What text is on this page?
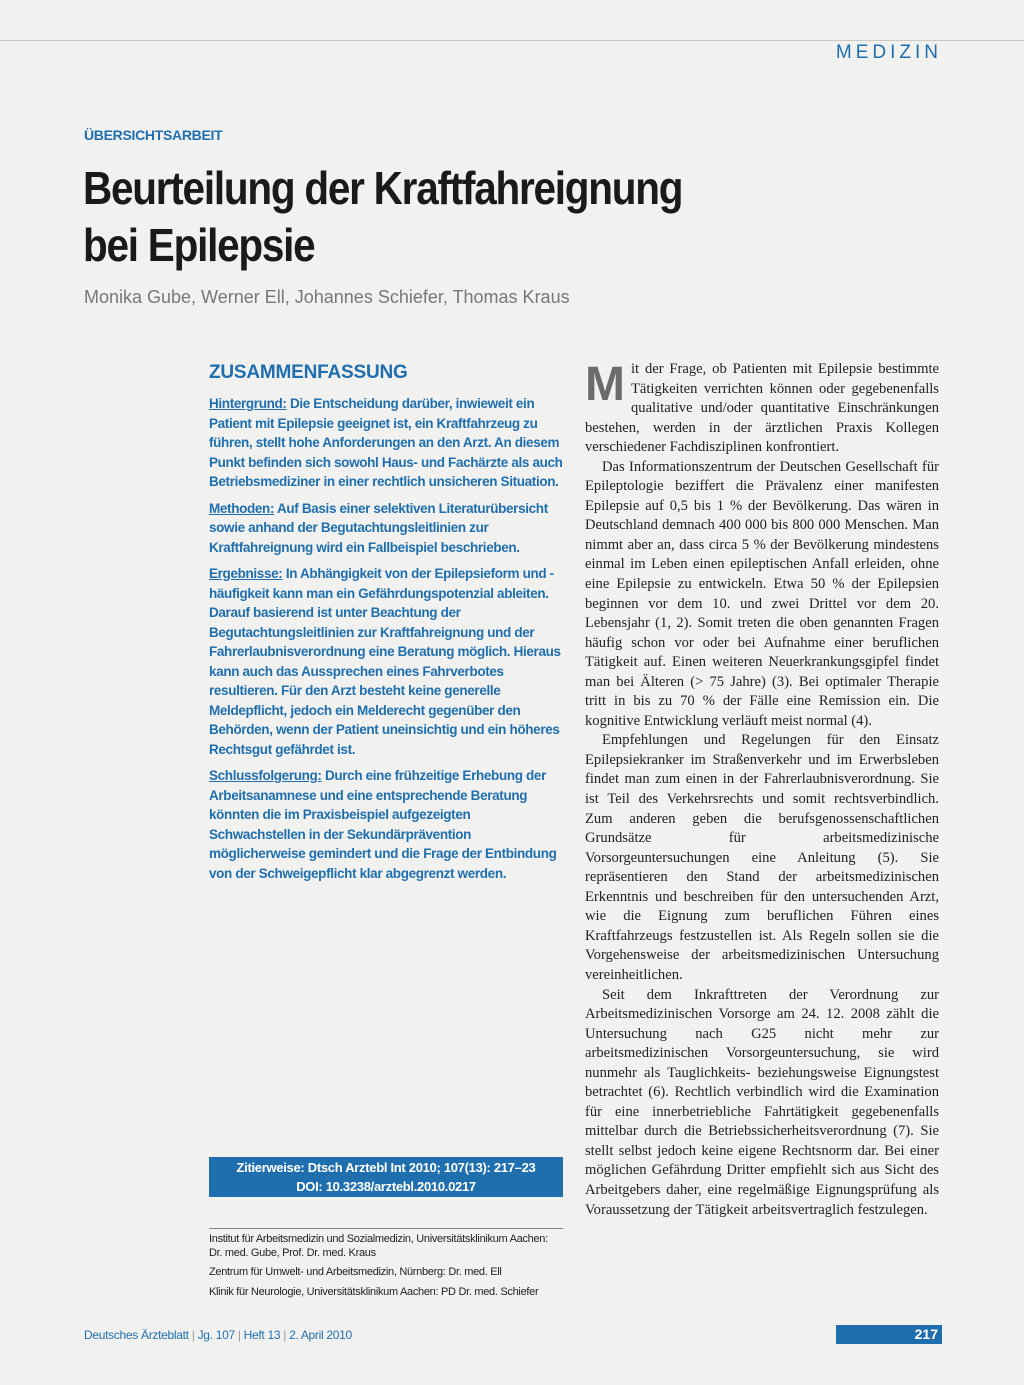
MEDIZIN
ÜBERSICHTSARBEIT
Beurteilung der Kraftfahreignung
bei Epilepsie
Monika Gube, Werner Ell, Johannes Schiefer, Thomas Kraus
ZUSAMMENFASSUNG

Hintergrund: Die Entscheidung darüber, inwieweit ein Patient mit Epilepsie geeignet ist, ein Kraftfahrzeug zu führen, stellt hohe Anforderungen an den Arzt. An diesem Punkt befinden sich sowohl Haus- und Fachärzte als auch Betriebsmediziner in einer rechtlich unsicheren Situation.

Methoden: Auf Basis einer selektiven Literaturübersicht sowie anhand der Begutachtungsleitlinien zur Kraftfahreignung wird ein Fallbeispiel beschrieben.

Ergebnisse: In Abhängigkeit von der Epilepsieform und -häufigkeit kann man ein Gefährdungspotenzial ableiten. Darauf basierend ist unter Beachtung der Begutachtungsleitlinien zur Kraftfahreignung und der Fahrerlaubnisverordnung eine Beratung möglich. Hieraus kann auch das Aussprechen eines Fahrverbotes resultieren. Für den Arzt besteht keine generelle Meldepflicht, jedoch ein Melderecht gegenüber den Behörden, wenn der Patient uneinsichtig und ein höheres Rechtsgut gefährdet ist.

Schlussfolgerung: Durch eine frühzeitige Erhebung der Arbeitsanamnese und eine entsprechende Beratung könnten die im Praxisbeispiel aufgezeigten Schwachstellen in der Sekundärprävention möglicherweise gemindert und die Frage der Entbindung von der Schweigepflicht klar abgegrenzt werden.

Zitierweise: Dtsch Arztebl Int 2010; 107(13): 217–23
DOI: 10.3238/arztebl.2010.0217
Institut für Arbeitsmedizin und Sozialmedizin, Universitätsklinikum Aachen: Dr. med. Gube, Prof. Dr. med. Kraus
Zentrum für Umwelt- und Arbeitsmedizin, Nürnberg: Dr. med. Ell
Klinik für Neurologie, Universitätsklinikum Aachen: PD Dr. med. Schiefer

Mit der Frage, ob Patienten mit Epilepsie bestimmte Tätigkeiten verrichten können oder gegebenenfalls qualitative und/oder quantitative Einschränkungen bestehen, werden in der ärztlichen Praxis Kollegen verschiedener Fachdisziplinen konfrontiert.

Das Informationszentrum der Deutschen Gesellschaft für Epileptologie beziffert die Prävalenz einer manifesten Epilepsie auf 0,5 bis 1 % der Bevölkerung. Das wären in Deutschland demnach 400 000 bis 800 000 Menschen. Man nimmt aber an, dass circa 5 % der Bevölkerung mindestens einmal im Leben einen epileptischen Anfall erleiden, ohne eine Epilepsie zu entwickeln. Etwa 50 % der Epilepsien beginnen vor dem 10. und zwei Drittel vor dem 20. Lebensjahr (1, 2). Somit treten die oben genannten Fragen häufig schon vor oder bei Aufnahme einer beruflichen Tätigkeit auf. Einen weiteren Neuerkrankungsgipfel findet man bei Älteren (> 75 Jahre) (3). Bei optimaler Therapie tritt in bis zu 70 % der Fälle eine Remission ein. Die kognitive Entwicklung verläuft meist normal (4).

Empfehlungen und Regelungen für den Einsatz Epilepsiekranker im Straßenverkehr und im Erwerbsleben findet man zum einen in der Fahrerlaubnisverordnung. Sie ist Teil des Verkehrsrechts und somit rechtsverbindlich. Zum anderen geben die berufsgenossenschaftlichen Grundsätze für arbeitsmedizinische Vorsorgeuntersuchungen eine Anleitung (5). Sie repräsentieren den Stand der arbeitsmedizinischen Erkenntnis und beschreiben für den untersuchenden Arzt, wie die Eignung zum beruflichen Führen eines Kraftfahrzeugs festzustellen ist. Als Regeln sollen sie die Vorgehensweise der arbeitsmedizinischen Untersuchung vereinheitlichen.

Seit dem Inkrafttreten der Verordnung zur Arbeitsmedizinischen Vorsorge am 24. 12. 2008 zählt die Untersuchung nach G25 nicht mehr zur arbeitsmedizinischen Vorsorgeuntersuchung, sie wird nunmehr als Tauglichkeits- beziehungsweise Eignungstest betrachtet (6). Rechtlich verbindlich wird die Examination für eine innerbetriebliche Fahrtätigkeit gegebenenfalls mittelbar durch die Betriebssicherheitsverordnung (7). Sie stellt selbst jedoch keine eigene Rechtsnorm dar. Bei einer möglichen Gefährdung Dritter empfiehlt sich aus Sicht des Arbeitgebers daher, eine regelmäßige Eignungsprüfung als Voraussetzung der Tätigkeit arbeitsvertraglich festzulegen.

Deutsches Ärzteblatt | Jg. 107 | Heft 13 | 2. April 2010	217
